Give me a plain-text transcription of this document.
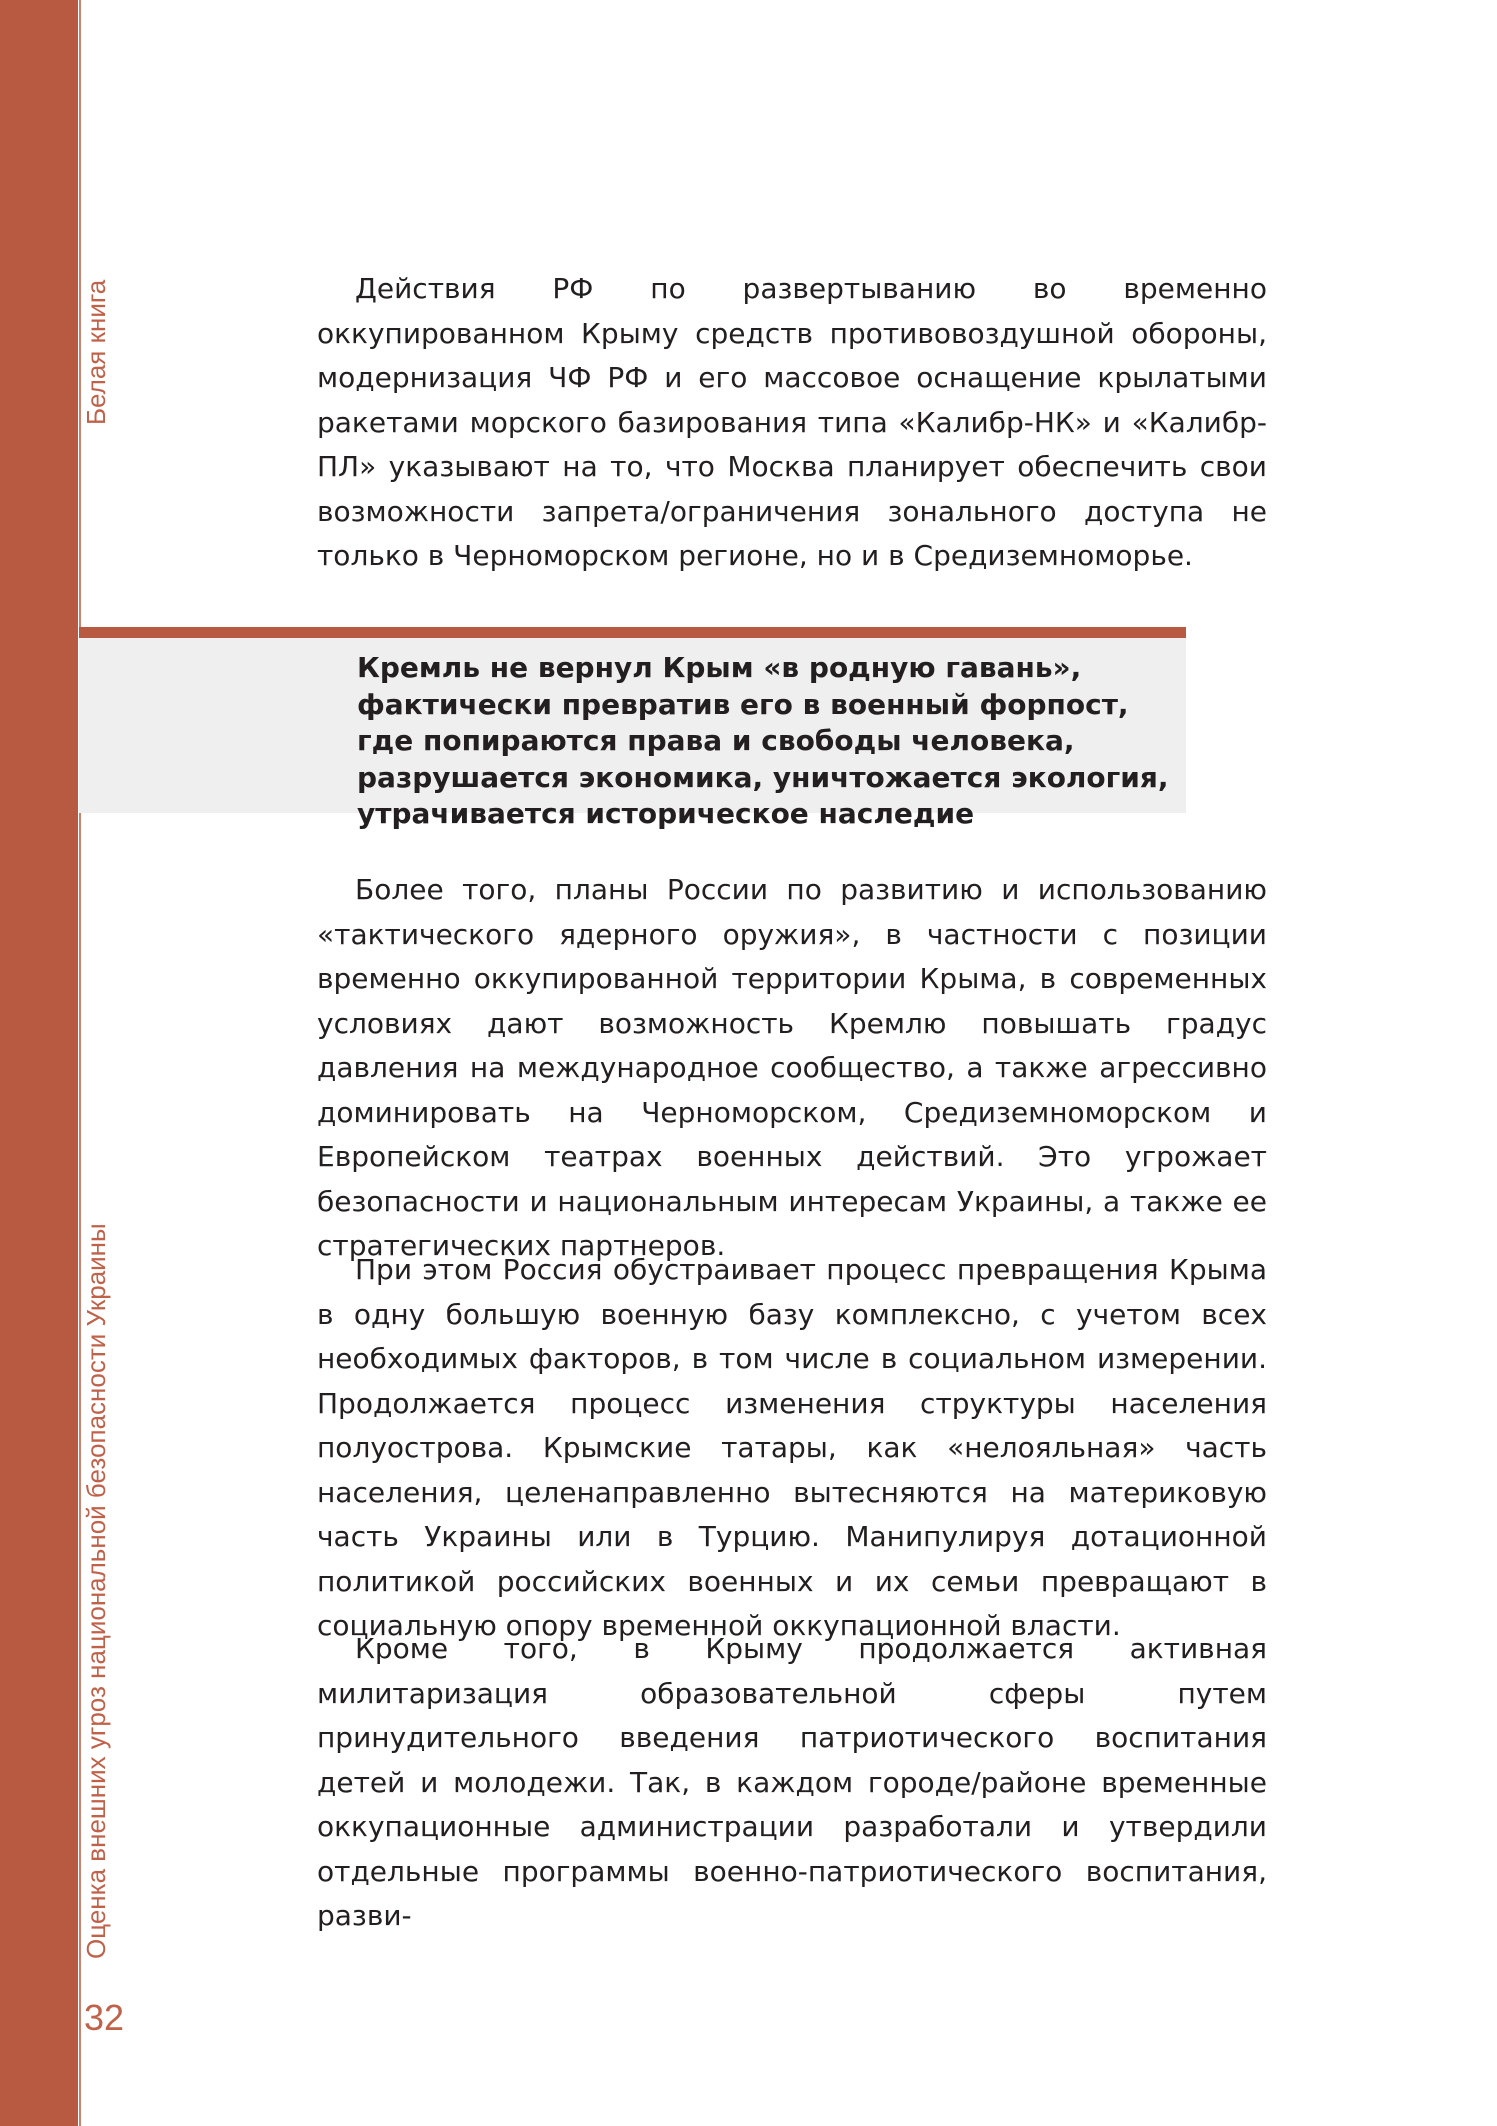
Белая книга
Оценка внешних угроз национальной безопасности Украины
32

Действия РФ по развертыванию во временно оккупированном Крыму средств противовоздушной обороны, модернизация ЧФ РФ и его массовое оснащение крылатыми ракетами морского базирования типа «Калибр-НК» и «Калибр-ПЛ» указывают на то, что Москва планирует обеспечить свои возможности запрета/ограничения зонального доступа не только в Черноморском регионе, но и в Средиземноморье.

Кремль не вернул Крым «в родную гавань», фактически превратив его в военный форпост, где попираются права и свободы человека, разрушается экономика, уничтожается экология, утрачивается историческое наследие

Более того, планы России по развитию и использованию «тактического ядерного оружия», в частности с позиции временно оккупированной территории Крыма, в современных условиях дают возможность Кремлю повышать градус давления на международное сообщество, а также агрессивно доминировать на Черноморском, Средиземноморском и Европейском театрах военных действий. Это угрожает безопасности и национальным интересам Украины, а также ее стратегических партнеров.

При этом Россия обустраивает процесс превращения Крыма в одну большую военную базу комплексно, с учетом всех необходимых факторов, в том числе в социальном измерении. Продолжается процесс изменения структуры населения полуострова. Крымские татары, как «нелояльная» часть населения, целенаправленно вытесняются на материковую часть Украины или в Турцию. Манипулируя дотационной политикой российских военных и их семьи превращают в социальную опору временной оккупационной власти.

Кроме того, в Крыму продолжается активная милитаризация образовательной сферы путем принудительного введения патриотического воспитания детей и молодежи. Так, в каждом городе/районе временные оккупационные администрации разработали и утвердили отдельные программы военно-патриотического воспитания, разви-
